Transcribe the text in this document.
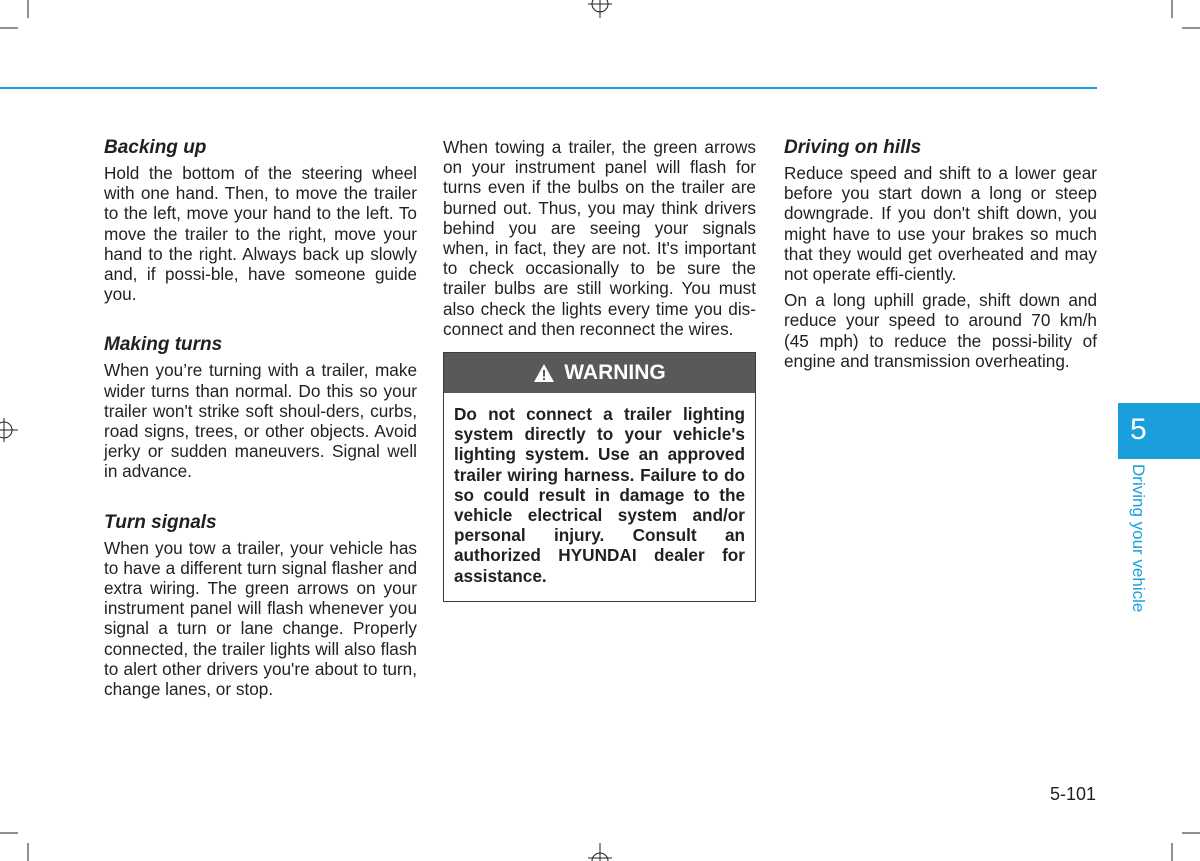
Backing up

Hold the bottom of the steering wheel with one hand. Then, to move the trailer to the left, move your hand to the left. To move the trailer to the right, move your hand to the right. Always back up slowly and, if possi-ble, have someone guide you.

Making turns

When you’re turning with a trailer, make wider turns than normal. Do this so your trailer won't strike soft shoul-ders, curbs, road signs, trees, or other objects. Avoid jerky or sudden maneuvers. Signal well in advance.

Turn signals

When you tow a trailer, your vehicle has to have a different turn signal flasher and extra wiring. The green arrows on your instrument panel will flash whenever you signal a turn or lane change. Properly connected, the trailer lights will also flash to alert other drivers you're about to turn, change lanes, or stop.

When towing a trailer, the green arrows on your instrument panel will flash for turns even if the bulbs on the trailer are burned out. Thus, you may think drivers behind you are seeing your signals when, in fact, they are not. It's important to check occasionally to be sure the trailer bulbs are still working. You must also check the lights every time you dis-connect and then reconnect the wires.

WARNING
Do not connect a trailer lighting system directly to your vehicle's lighting system. Use an approved trailer wiring harness. Failure to do so could result in damage to the vehicle electrical system and/or personal injury. Consult an authorized HYUNDAI dealer for assistance.
Driving on hills

Reduce speed and shift to a lower gear before you start down a long or steep downgrade. If you don't shift down, you might have to use your brakes so much that they would get overheated and may not operate effi-ciently.

On a long uphill grade, shift down and reduce your speed to around 70 km/h (45 mph) to reduce the possi-bility of engine and transmission overheating.

5
Driving your vehicle
5-101
